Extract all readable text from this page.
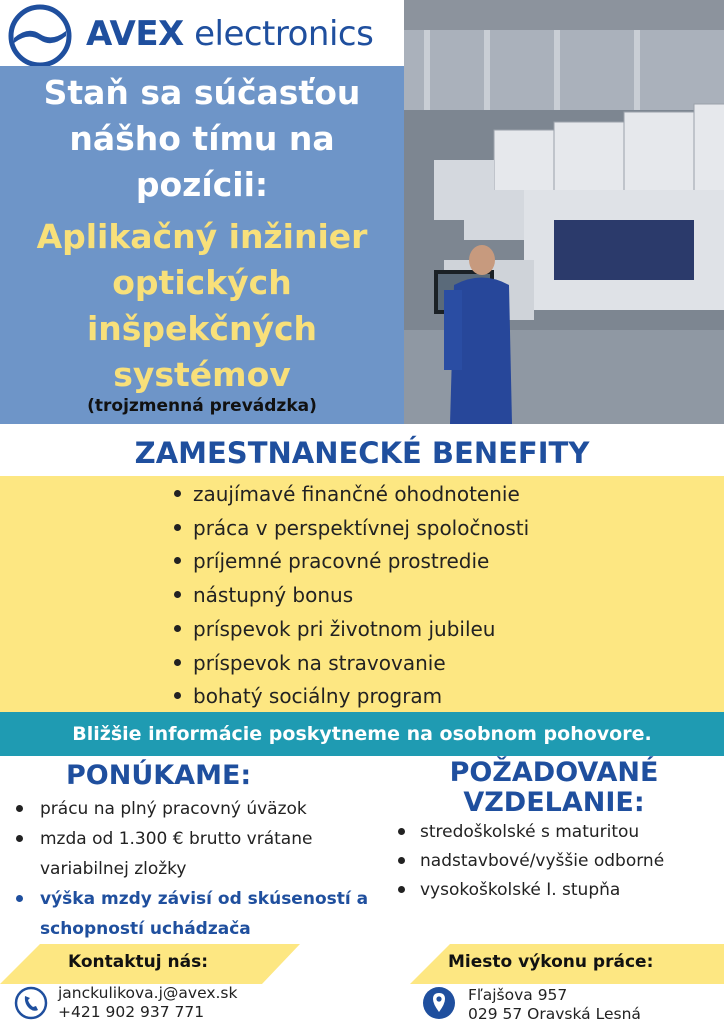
AVEX electronics
Staň sa súčasťou
nášho tímu na
pozícii:
Aplikačný inžinier
optických
inšpekčných
systémov
(trojzmenná prevádzka)
ZAMESTNANECKÉ BENEFITY
zaujímavé finančné ohodnotenie
práca v perspektívnej spoločnosti
príjemné pracovné prostredie
nástupný bonus
príspevok pri životnom jubileu
príspevok na stravovanie
bohatý sociálny program
Bližšie informácie poskytneme na osobnom pohovore.
PONÚKAME:
prácu na plný pracovný úväzok
mzda od 1.300 € brutto vrátane variabilnej zložky
výška mzdy závisí od skúseností a schopností uchádzača
POŽADOVANÉ
VZDELANIE:
stredoškolské s maturitou
nadstavbové/vyššie odborné
vysokoškolské I. stupňa
Kontaktuj nás:
janckulikova.j@avex.sk
+421 902 937 771
Miesto výkonu práce:
Fľajšova 957
029 57 Oravská Lesná
